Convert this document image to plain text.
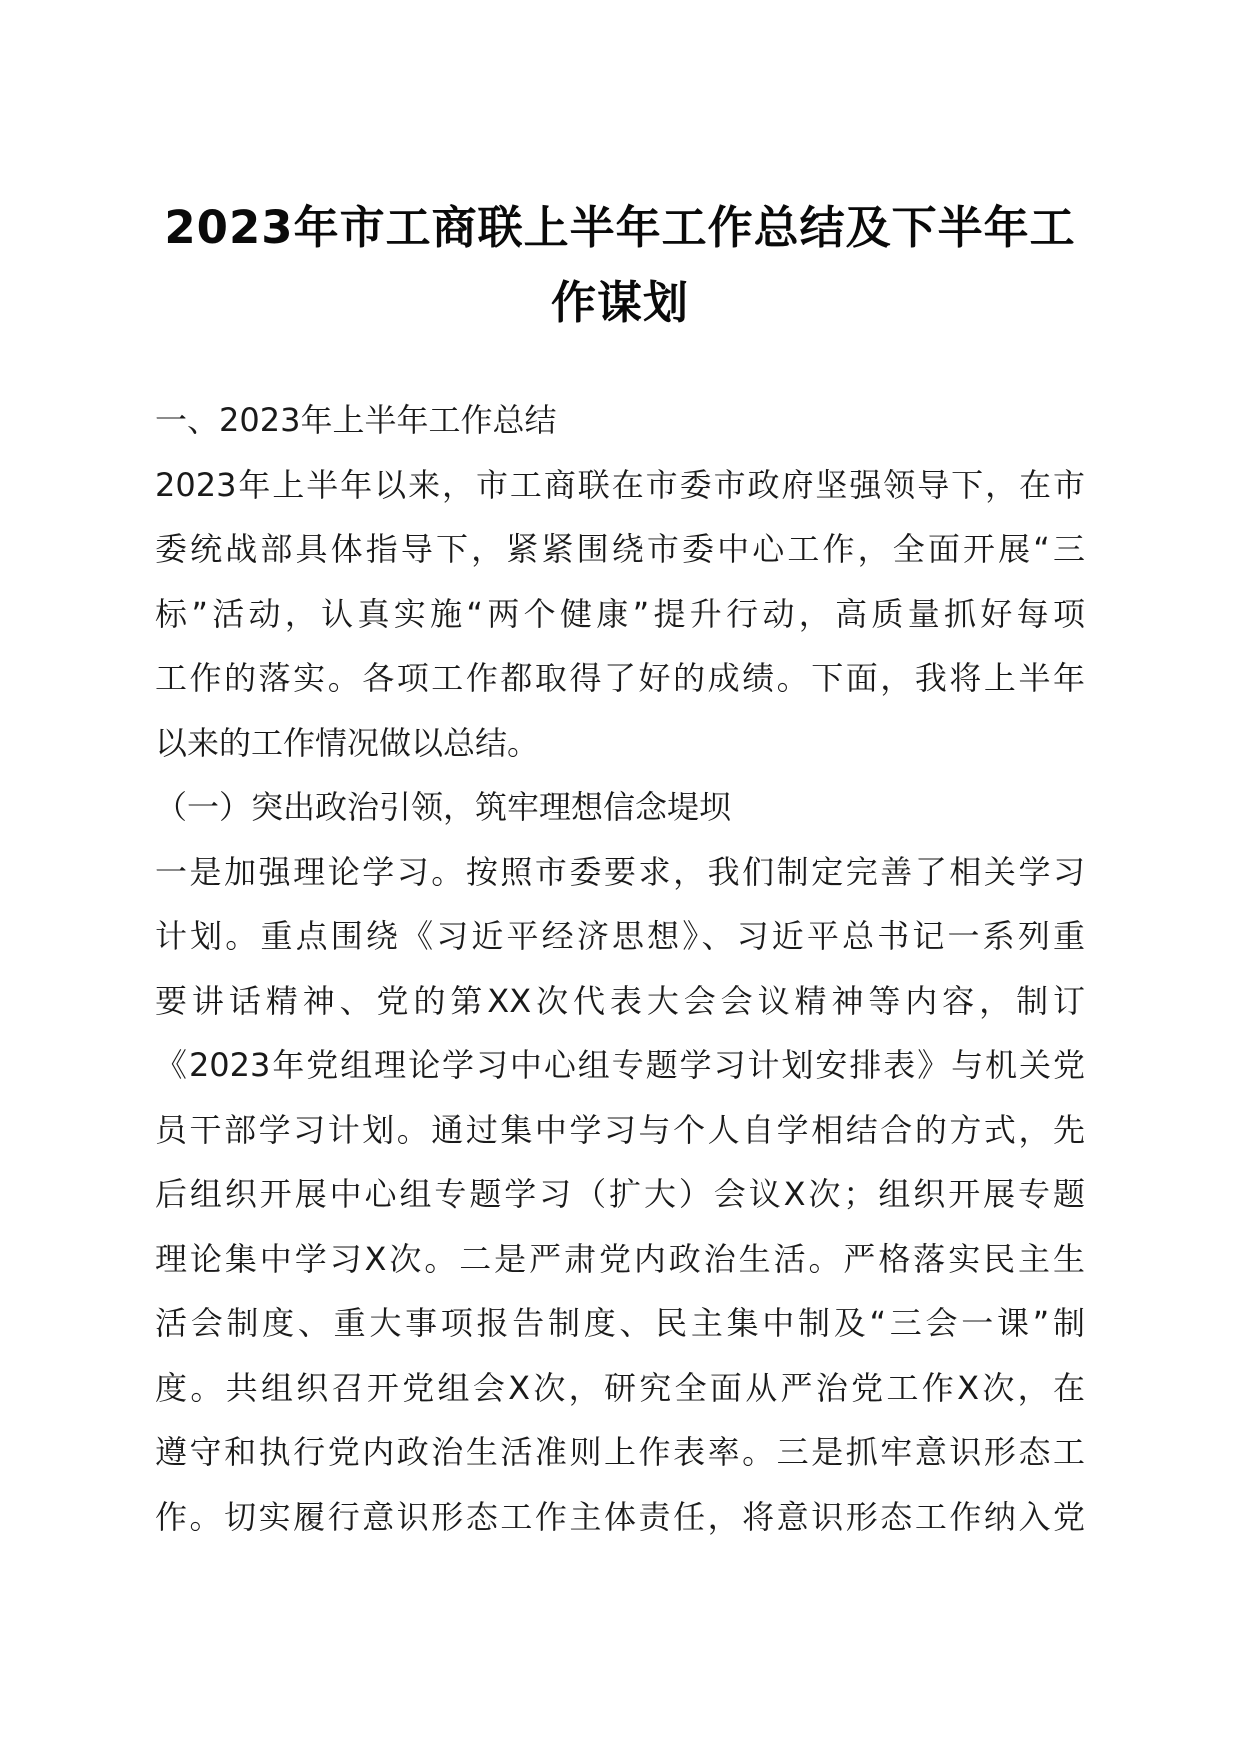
2023年市工商联上半年工作总结及下半年工
作谋划
一、2023年上半年工作总结
2023年上半年以来，市工商联在市委市政府坚强领导下，在市
委统战部具体指导下，紧紧围绕市委中心工作，全面开展“三
标”活动，认真实施“两个健康”提升行动，高质量抓好每项
工作的落实。各项工作都取得了好的成绩。下面，我将上半年
以来的工作情况做以总结。
（一）突出政治引领，筑牢理想信念堤坝
一是加强理论学习。按照市委要求，我们制定完善了相关学习
计划。重点围绕《习近平经济思想》、习近平总书记一系列重
要讲话精神、党的第XX次代表大会会议精神等内容，制订
《2023年党组理论学习中心组专题学习计划安排表》与机关党
员干部学习计划。通过集中学习与个人自学相结合的方式，先
后组织开展中心组专题学习（扩大）会议X次；组织开展专题
理论集中学习X次。二是严肃党内政治生活。严格落实民主生
活会制度、重大事项报告制度、民主集中制及“三会一课”制
度。共组织召开党组会X次，研究全面从严治党工作X次，在
遵守和执行党内政治生活准则上作表率。三是抓牢意识形态工
作。切实履行意识形态工作主体责任，将意识形态工作纳入党
